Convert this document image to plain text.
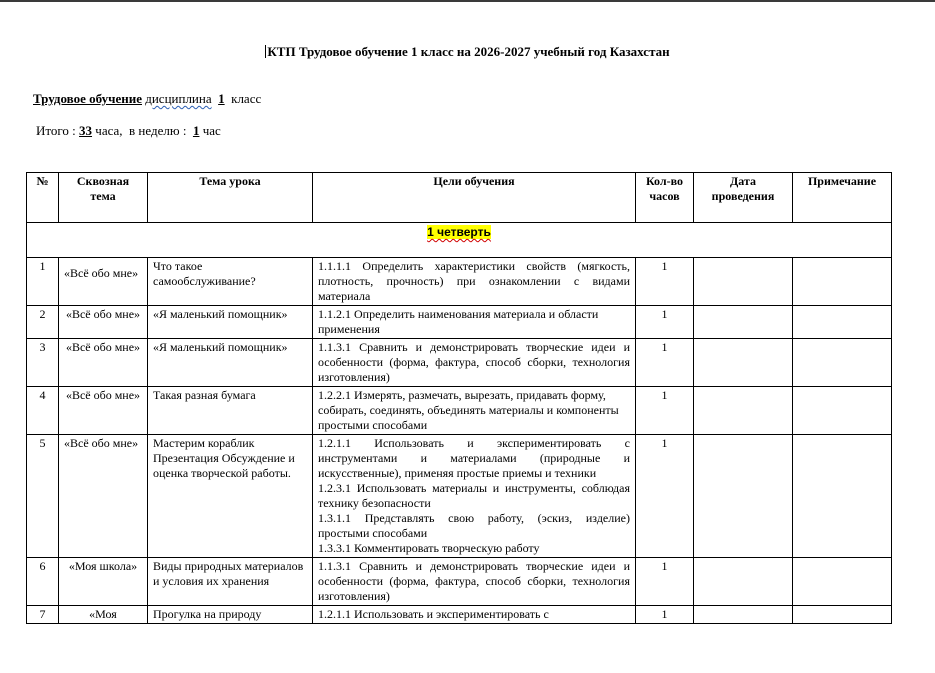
КТП Трудовое обучение 1 класс на 2026-2027 учебный год Казахстан
Трудовое обучение дисциплина 1 класс
Итого : 33 часа, в неделю : 1 час
№	Сквозная тема	Тема урока	Цели обучения	Кол-во часов	Дата проведения	Примечание
1 четверть						
1	«Всё обо мне»	Что такое самообслуживание?	1.1.1.1 Определить характеристики свойств (мягкость, плотность, прочность) при ознакомлении с видами материала	1		
2	«Всё обо мне»	«Я маленький помощник»	1.1.2.1 Определить наименования материала и области применения	1		
3	«Всё обо мне»	«Я маленький помощник»	1.1.3.1 Сравнить и демонстрировать творческие идеи и особенности (форма, фактура, способ сборки, технология изготовления)	1		
4	«Всё обо мне»	Такая разная бумага	1.2.2.1 Измерять, размечать, вырезать, придавать форму, собирать, соединять, объединять материалы и компоненты простыми способами	1		
5	«Всё обо мне»	Мастерим кораблик Презентация Обсуждение и оценка творческой работы.	1.2.1.1 Использовать и экспериментировать с инструментами и материалами (природные и искусственные), применяя простые приемы и техники
1.2.3.1 Использовать материалы и инструменты, соблюдая технику безопасности
1.3.1.1 Представлять свою работу, (эскиз, изделие) простыми способами
1.3.3.1 Комментировать творческую работу	1		
6	«Моя школа»	Виды природных материалов и условия их хранения	1.1.3.1 Сравнить и демонстрировать творческие идеи и особенности (форма, фактура, способ сборки, технология изготовления)	1		
7	«Моя	Прогулка на природу	1.2.1.1 Использовать и экспериментировать с	1		
